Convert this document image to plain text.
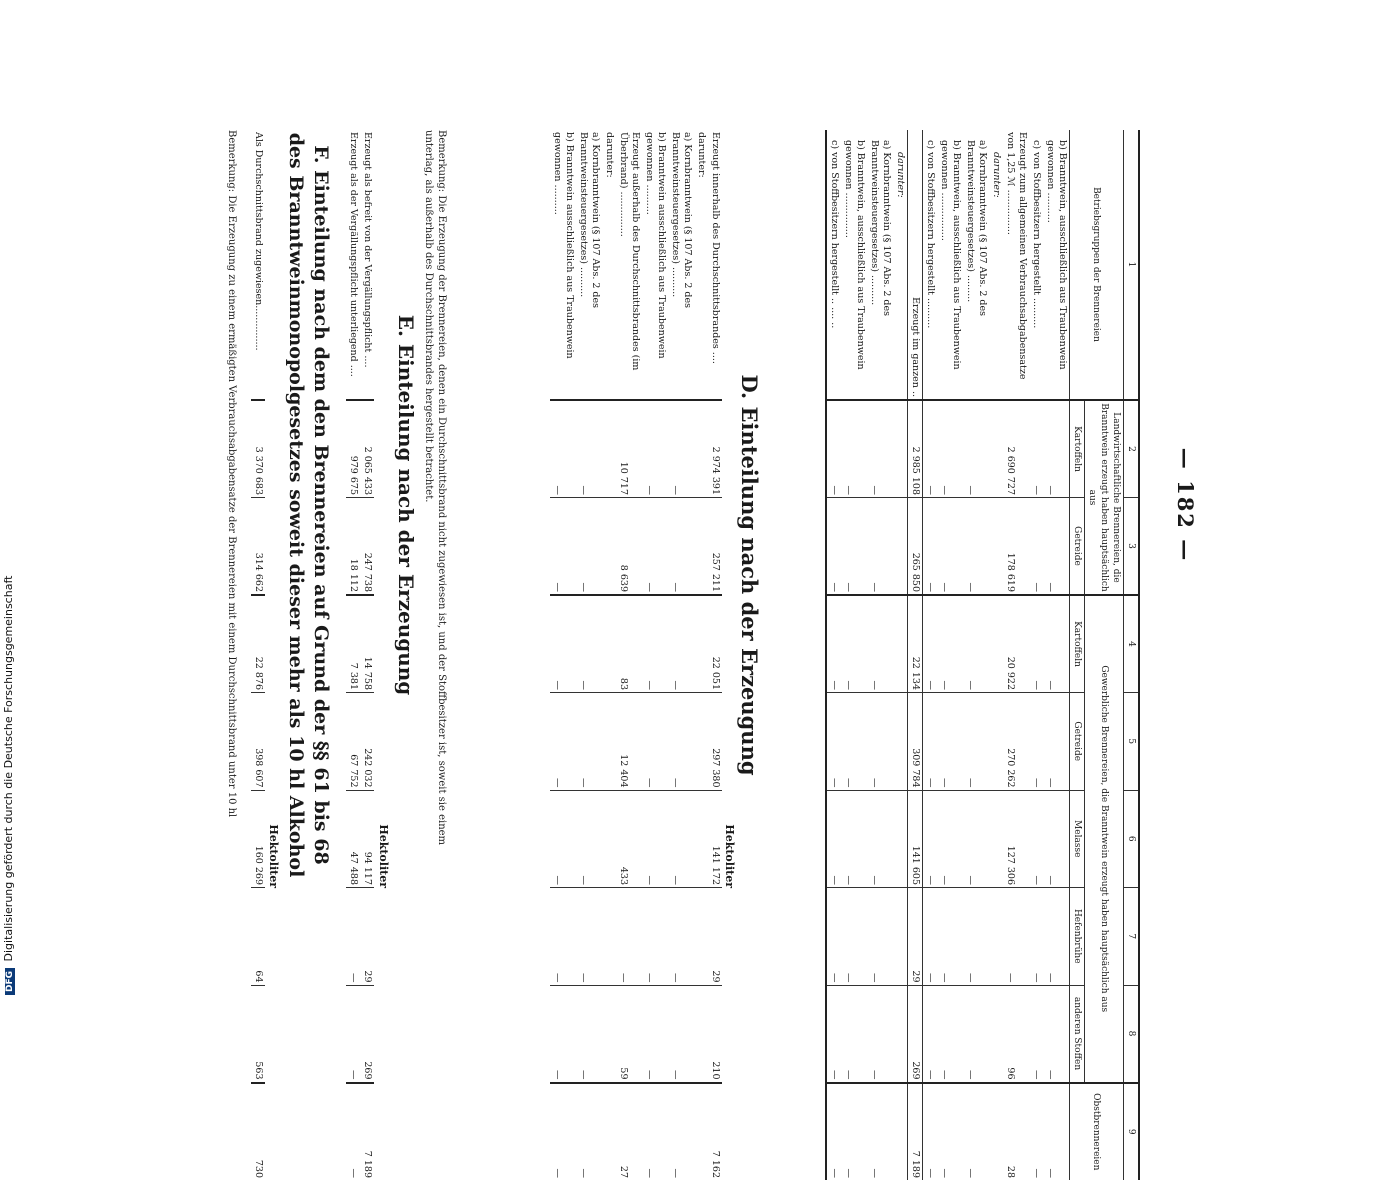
— 182 —
1	2	3	4	5	6	7	8	9
Betriebsgruppen der Brennereien	Landwirtschaftliche Brennereien, die Branntwein erzeugt haben hauptsächlich aus		Gewerbliche Brennereien, die Branntwein erzeugt haben hauptsächlich aus					Obstbrennereien
	Kartoffeln	Getreide	Kartoffeln	Getreide	Melasse	Hefenbrühe	anderen Stoffen	
b) Branntwein, ausschließlich aus Traubenwein gewonnen ..........	—	—	—	—	—	—	—	—
c) von Stoffbesitzern hergestellt ..........	—	—	—	—	—	—	—	—
Erzeugt zum allgemeinen Verbrauchsabgabensatze von 1,25 ℳ ...............	2 690 727	178 619	20 922	270 262	127 306	—	96	28
darunter:								
a) Kornbranntwein (§ 107 Abs. 2 des Branntweinsteuergesetzes) .........	—	—	—	—	—	—	—	—
b) Branntwein, ausschließlich aus Traubenwein gewonnen ................	—	—	—	—	—	—	—	—
c) von Stoffbesitzern hergestellt ..........	—	—	—	—	—	—	—	—
Erzeugt im ganzen ..	2 985 108	265 850	22 134	309 784	141 605	29	269	7 189
darunter:								
a) Kornbranntwein (§ 107 Abs. 2 des Branntweinsteuergesetzes) ..........	—	—	—	—	—	—	—	—
b) Branntwein, ausschließlich aus Traubenwein gewonnen ...............	—	—	—	—	—	—	—	—
c) von Stoffbesitzern hergestellt .. .... ..	—	—	—	—	—	—	—	—
D. Einteilung nach der Erzeugung
Hektoliter
Erzeugt innerhalb des Durchschnittsbrandes ....	2 974 391	257 211	22 051	297 380	141 172	29	210	7 162
darunter:								
a) Kornbranntwein (§ 107 Abs. 2 des Branntweinsteuergesetzes) ..........	—	—	—	—	—	—	—	—
b) Branntwein ausschließlich aus Traubenwein gewonnen ..........	—	—	—	—	—	—	—	—
Erzeugt außerhalb des Durchschnittsbrandes (im Überbrand) ...............	10 717	8 639	83	12 404	433	—	59	27
darunter:								
a) Kornbranntwein (§ 107 Abs. 2 des Branntweinsteuergesetzes) ..........	—	—	—	—	—	—	—	—
b) Branntwein ausschließlich aus Traubenwein gewonnen ..........	—	—	—	—	—	—	—	—
Bemerkung: Die Erzeugung der Brennereien, denen ein Durchschnittsbrand nicht zugewiesen ist, und der Stoffbesitzer ist, soweit sie einem unterlag, als außerhalb des Durchschnittsbrandes hergestellt betrachtet.
E. Einteilung nach der Erzeugung
Hektoliter
Erzeugt als befreit von der Vergällungspflicht ....	2 065 433	247 738	14 758	242 032	94 117	29	269	7 189
Erzeugt als der Vergällungspflicht unterliegend ....	979 675	18 112	7 381	67 752	47 488	—	—	—
F. Einteilung nach dem den Brennereien auf Grund der §§ 61 bis 68 des Branntweinmonopolgesetzes soweit dieser mehr als 10 hl Alkohol
Hektoliter
Als Durchschnittsbrand zugewiesen...............	3 370 683	314 662	22 876	398 607	160 269	64	563	730
Bemerkung: Die Erzeugung zu einem ermäßigten Verbrauchsabgabensatze der Brennereien mit einem Durchschnittsbrand unter 10 hl
DFG Digitalisierung gefördert durch die Deutsche Forschungsgemeinschaft
